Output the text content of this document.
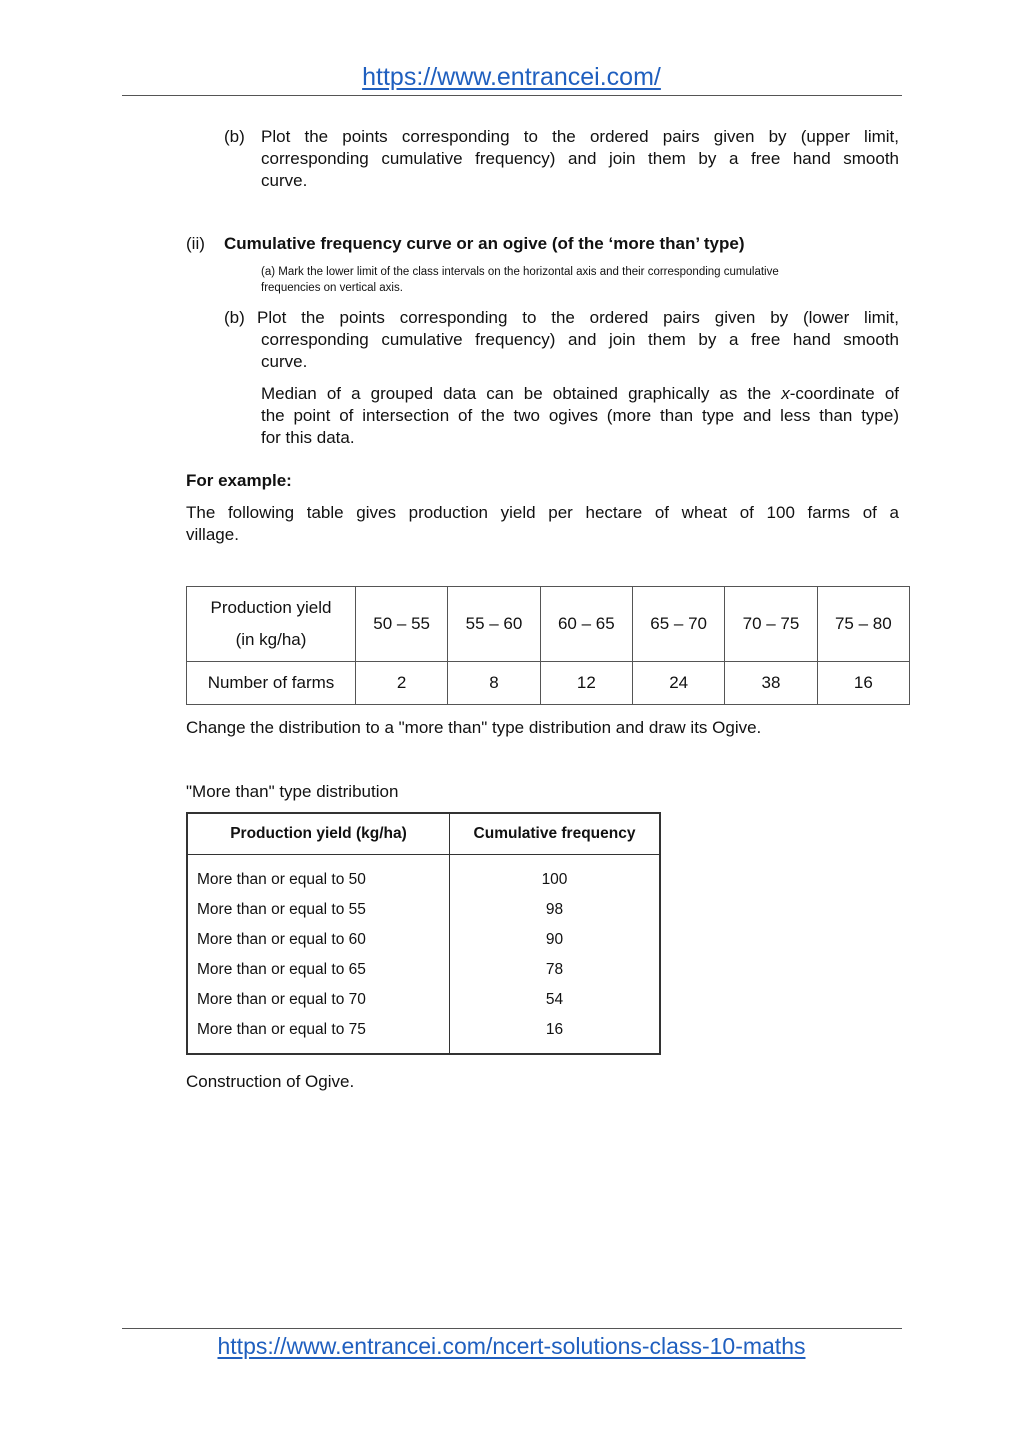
https://www.entrancei.com/
(b) Plot the points corresponding to the ordered pairs given by (upper limit,
corresponding cumulative frequency) and join them by a free hand smooth
curve.
(ii) Cumulative frequency curve or an ogive (of the ‘more than’ type)
(a) Mark the lower limit of the class intervals on the horizontal axis and their corresponding cumulative
frequencies on vertical axis.
(b) Plot the points corresponding to the ordered pairs given by (lower limit,
corresponding cumulative frequency) and join them by a free hand smooth
curve.
Median of a grouped data can be obtained graphically as the x-coordinate of
the point of intersection of the two ogives (more than type and less than type)
for this data.
For example:
The following table gives production yield per hectare of wheat of 100 farms of a
village.
Production yield
(in kg/ha)	50 – 55	55 – 60	60 – 65	65 – 70	70 – 75	75 – 80
Number of farms	2	8	12	24	38	16
Change the distribution to a "more than" type distribution and draw its Ogive.
"More than" type distribution
Production yield (kg/ha)	Cumulative frequency
More than or equal to 50	100
More than or equal to 55	98
More than or equal to 60	90
More than or equal to 65	78
More than or equal to 70	54
More than or equal to 75	16
Construction of Ogive.
https://www.entrancei.com/ncert-solutions-class-10-maths
